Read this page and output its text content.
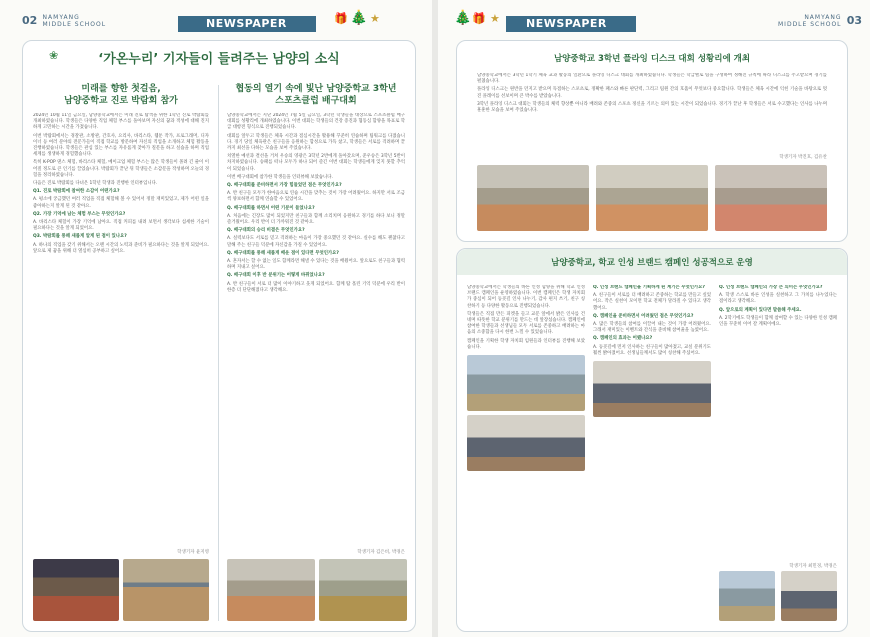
02 NAMYANG
MIDDLE SCHOOL	NEWSPAPER	🎁 🎄 ★
‘가온누리’ 기자들이 들려주는 남양의 소식
❀
미래를 향한 첫걸음,
남양중학교 진로 박람회 참가

2024년 10월 11일 금요일, 남양중학교에서는 미래 진로 탐색을 위한 1학년 진로 박람회를 개최하였습니다. 학생들은 다양한 직업 체험 부스를 돌아보며 자신의 꿈과 적성에 대해 진지하게 고민하는 시간을 가졌습니다.

이번 박람회에서는 경찰관, 소방관, 간호사, 요리사, 바리스타, 웹툰 작가, 프로그래머, 디자이너 등 여러 분야의 전문가들이 직접 학교를 방문하여 자신의 직업을 소개하고 체험 활동을 진행하였습니다. 학생들은 관심 있는 부스를 자유롭게 찾아가 질문을 하고 실습을 하며 직업 세계를 생생하게 경험했습니다.

특히 K-POP 댄스 체험, 바리스타 체험, 메이크업 체험 부스는 많은 학생들이 몰려 긴 줄이 이어질 정도로 큰 인기를 끌었습니다. 박람회가 끝난 뒤 학생들은 소감문을 작성하며 오늘의 경험을 정리하였습니다.

다음은 진로 박람회를 다녀온 1학년 학생과 진행한 인터뷰입니다.

Q1. 진로 박람회에 참여한 소감이 어떤가요?

A. 평소에 궁금했던 여러 직업을 직접 체험해 볼 수 있어서 정말 재미있었고, 제가 어떤 일을 좋아하는지 알게 된 것 같아요.

Q2. 가장 기억에 남는 체험 부스는 무엇인가요?

A. 바리스타 체험이 가장 기억에 남아요. 직접 커피를 내려 보면서 생각보다 섬세한 기술이 필요하다는 것을 알게 되었어요.

Q3. 박람회를 통해 새롭게 알게 된 점이 있나요?

A. 하나의 직업을 갖기 위해서는 오랜 시간의 노력과 준비가 필요하다는 것을 알게 되었어요. 앞으로 제 꿈을 위해 더 열심히 공부하고 싶어요.

학생기자 윤지영
협동의 열기 속에 빛난 남양중학교 3학년
스포츠클럽 배구대회

남양중학교에서는 지난 2024년 7월 5일 금요일, 3학년 학생들을 대상으로 스포츠클럽 배구대회를 성황리에 개최하였습니다. 이번 대회는 학생들의 건강 증진과 협동심 함양을 목표로 학급 대항전 형식으로 진행되었습니다.

대회를 앞두고 학생들은 체육 시간과 점심시간을 활용해 꾸준히 연습하며 팀워크를 다졌습니다. 경기 당일 체육관은 친구들을 응원하는 함성으로 가득 찼고, 학생들은 서로를 격려하며 끝까지 최선을 다하는 모습을 보여 주었습니다.

치열한 예선과 결선을 거쳐 우승의 영광은 3학년 2반에게 돌아갔으며, 준우승은 3학년 5반이 차지하였습니다. 승패를 떠나 모두가 하나 되어 즐긴 이번 대회는 학생들에게 잊지 못할 추억이 되었습니다.

이번 배구대회에 참가한 학생들을 인터뷰해 보았습니다.

Q. 배구대회를 준비하면서 가장 힘들었던 점은 무엇인가요?

A. 반 친구들 모두가 한마음으로 연습 시간을 맞추는 것이 가장 어려웠어요. 하지만 서로 조금씩 양보하면서 함께 연습할 수 있었어요.

Q. 배구대회를 하면서 어떤 기분이 들었나요?

A. 처음에는 긴장도 많이 되었지만 친구들과 함께 소리치며 응원하고 경기를 하다 보니 정말 즐거웠어요. 우리 반이 더 가까워진 것 같아요.

Q. 배구대회의 승리 비결은 무엇인가요?

A. 실력보다도 서로를 믿고 격려하는 마음이 가장 중요했던 것 같아요. 실수를 해도 괜찮다고 말해 주는 친구들 덕분에 자신감을 가질 수 있었어요.

Q. 배구대회를 통해 새롭게 배운 점이 있다면 무엇인가요?

A. 혼자서는 할 수 없는 일도 함께라면 해낼 수 있다는 것을 배웠어요. 앞으로도 친구들과 협력하며 지내고 싶어요.

Q. 배구대회 이후 반 분위기는 어떻게 바뀌었나요?

A. 반 친구들이 서로 더 많이 이야기하고 웃게 되었어요. 함께 땀 흘린 기억 덕분에 우리 반이 한층 더 단단해졌다고 생각해요.

학생기자 김은비, 박경은
🎄 🎁 ★	NEWSPAPER	NAMYANG
MIDDLE SCHOOL 03
남양중학교 3학년 플라잉 디스크 대회 성황리에 개최

남양중학교에서는 3학년 1학기 체육 교과 활동의 일환으로 플라잉 디스크 대회를 개최하였습니다. 학생들은 학급별로 팀을 구성하여 정해진 규칙에 따라 디스크를 주고받으며 경기를 펼쳤습니다.

플라잉 디스크는 원반을 던지고 받으며 득점하는 스포츠로, 정확한 패스와 빠른 판단력, 그리고 팀원 간의 호흡이 무엇보다 중요합니다. 학생들은 체육 시간에 익힌 기술을 바탕으로 멋진 플레이를 선보이며 큰 박수를 받았습니다.

3학년 플라잉 디스크 대회는 학생들의 체력 향상뿐 아니라 배려와 존중의 스포츠 정신을 기르는 의미 있는 시간이 되었습니다. 경기가 끝난 후 학생들은 서로 수고했다는 인사를 나누며 훈훈한 모습을 보여 주었습니다.

학생기자 박진호, 김유찬
남양중학교, 학교 인성 브랜드 캠페인 성공적으로 운영

남양중학교에서는 학생들의 바른 인성 함양을 위해 학교 인성 브랜드 캠페인을 운영하였습니다. 이번 캠페인은 학생 자치회가 중심이 되어 등굣길 인사 나누기, 감사 편지 쓰기, 친구 칭찬하기 등 다양한 활동으로 진행되었습니다.

학생들은 직접 만든 피켓을 들고 교문 앞에서 밝은 인사를 건네며 따뜻한 학교 분위기를 만드는 데 앞장섰습니다. 캠페인에 참여한 학생들과 선생님들 모두 서로를 존중하고 배려하는 마음의 소중함을 다시 한번 느낄 수 있었습니다.

캠페인을 기획한 학생 자치회 임원들과 인터뷰를 진행해 보았습니다.

Q. 인성 브랜드 캠페인을 기획하게 된 계기는 무엇인가요?

A. 친구들이 서로를 더 배려하고 존중하는 학교를 만들고 싶었어요. 작은 실천이 모이면 학교 전체가 달라질 수 있다고 생각했어요.

Q. 캠페인을 준비하면서 어려웠던 점은 무엇인가요?

A. 많은 학생들의 참여를 이끌어 내는 것이 가장 어려웠어요. 그래서 재미있는 이벤트와 간식을 준비해 참여율을 높였어요.

Q. 캠페인의 효과는 어땠나요?

A. 등굣길에 먼저 인사하는 친구들이 많아졌고, 교실 분위기도 훨씬 밝아졌어요. 선생님들께서도 많이 칭찬해 주셨어요.

Q. 인성 브랜드 캠페인의 가장 큰 의미는 무엇인가요?

A. 학생 스스로 바른 인성을 실천하고 그 가치를 나누었다는 점이라고 생각해요.

Q. 앞으로의 계획이 있다면 말씀해 주세요.

A. 2학기에도 학생들이 함께 참여할 수 있는 다양한 인성 캠페인을 꾸준히 이어 갈 계획이에요.

학생기자 최민경, 박경은
